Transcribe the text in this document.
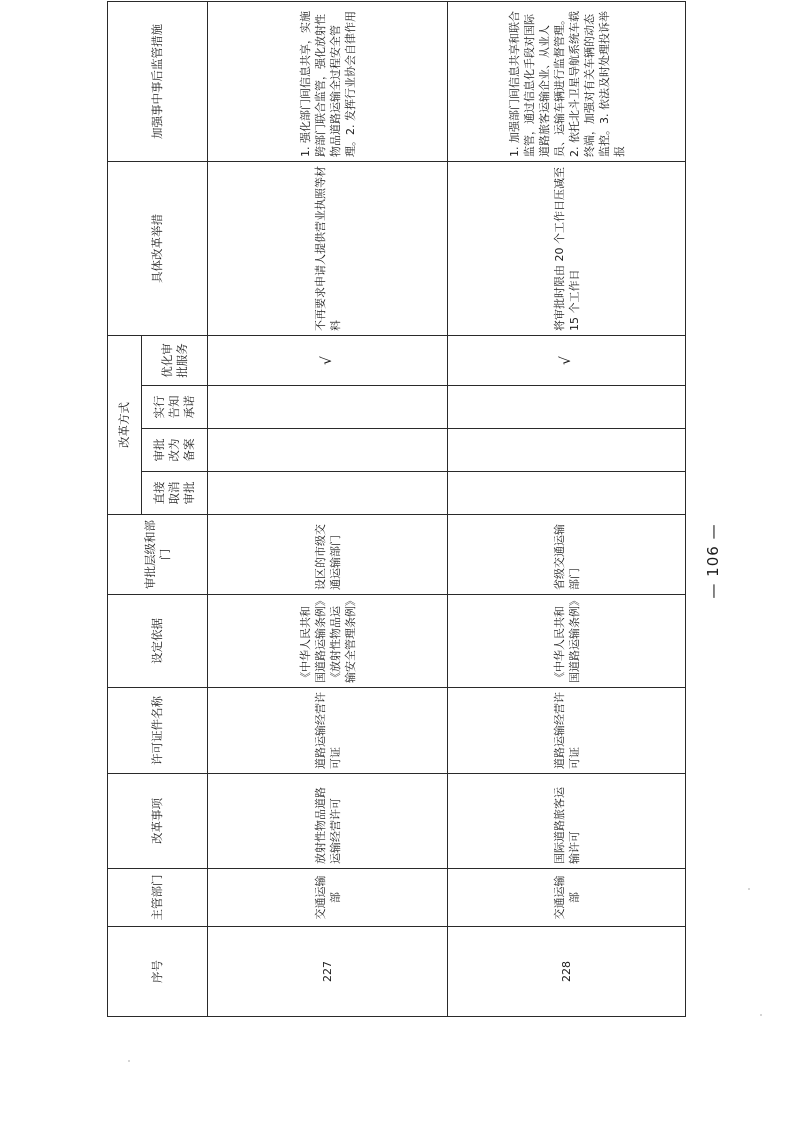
序号	主管部门	改革事项	许可证件名称	设定依据	审批层级和部门	改革方式				具体改革举措	加强事中事后监管措施
						直接取消审批	审批改为备案	实行告知承诺	优化审批服务		
227	交通运输部	放射性物品道路运输经营许可	道路运输经营许可证	《中华人民共和国道路运输条例》《放射性物品运输安全管理条例》	设区的市级交通运输部门				√	不再要求申请人提供营业执照等材料	1. 强化部门间信息共享，实施跨部门联合监管，强化放射性物品道路运输全过程安全管理。2. 发挥行业协会自律作用
228	交通运输部	国际道路旅客运输许可	道路运输经营许可证	《中华人民共和国道路运输条例》	省级交通运输部门				√	将审批时限由 20 个工作日压减至 15 个工作日	1. 加强部门间信息共享和联合监管，通过信息化手段对国际道路旅客运输企业、从业人员、运输车辆进行监督管理。2. 依托北斗卫星导航系统车载终端，加强对有关车辆的动态监控。3. 依法及时处理投诉举报
— 106 —
